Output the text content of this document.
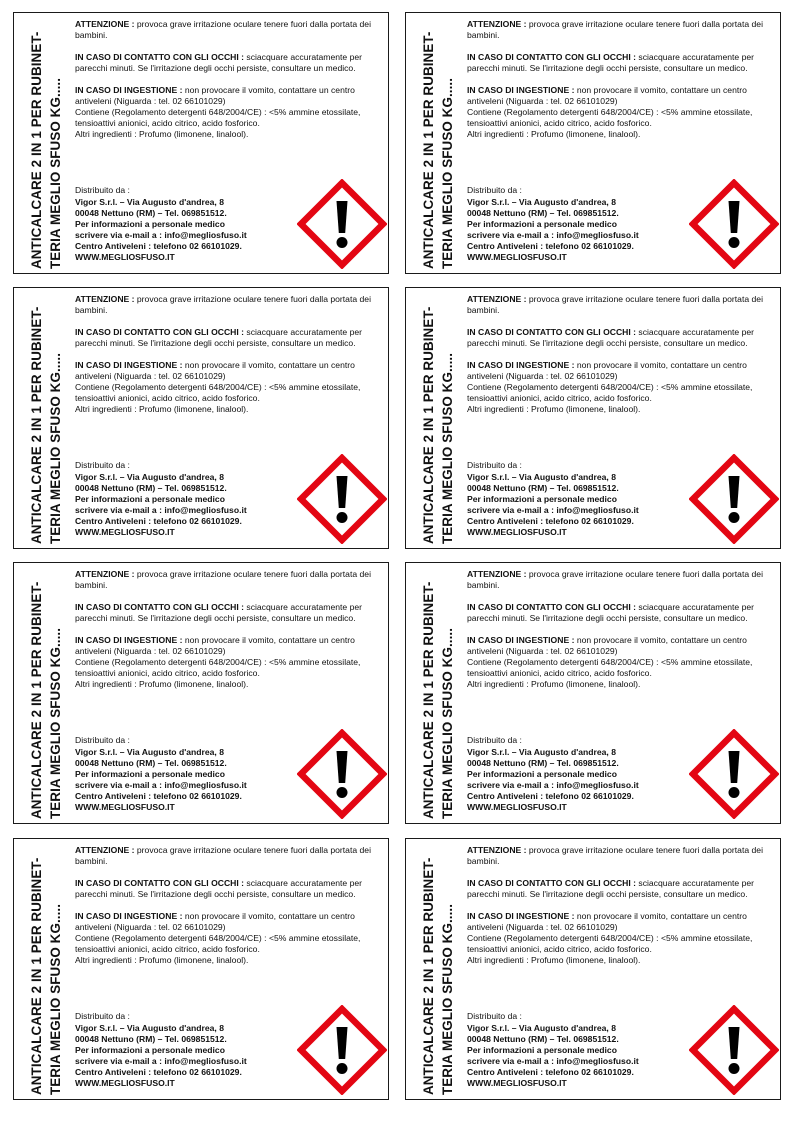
ANTICALCARE 2 IN 1 PER RUBINET- TERIA MEGLIO SFUSO KG.....

ATTENZIONE : provoca grave irritazione oculare tenere fuori dalla portata dei bambini.

IN CASO DI CONTATTO CON GLI OCCHI : sciacquare accuratamente per parecchi minuti. Se l'irritazione degli occhi persiste, consultare un medico.

IN CASO DI INGESTIONE : non provocare il vomito, contattare un centro antiveleni (Niguarda : tel. 02 66101029)

Contiene (Regolamento detergenti 648/2004/CE) : <5% ammine etossilate, tensioattivi anionici, acido citrico, acido fosforico.

Altri ingredienti : Profumo (limonene, linalool).

Distribuito da :
Vigor S.r.l. – Via Augusto d'andrea, 8
00048 Nettuno (RM) – Tel. 069851512.
Per informazioni a personale medico
scrivere via e-mail a : info@megliosfuso.it
Centro Antiveleni : telefono 02 66101029.
WWW.MEGLIOSFUSO.IT	ANTICALCARE 2 IN 1 PER RUBINET- TERIA MEGLIO SFUSO KG.....

ATTENZIONE : provoca grave irritazione oculare tenere fuori dalla portata dei bambini.

IN CASO DI CONTATTO CON GLI OCCHI : sciacquare accuratamente per parecchi minuti. Se l'irritazione degli occhi persiste, consultare un medico.

IN CASO DI INGESTIONE : non provocare il vomito, contattare un centro antiveleni (Niguarda : tel. 02 66101029)

Contiene (Regolamento detergenti 648/2004/CE) : <5% ammine etossilate, tensioattivi anionici, acido citrico, acido fosforico.

Altri ingredienti : Profumo (limonene, linalool).

Distribuito da :
Vigor S.r.l. – Via Augusto d'andrea, 8
00048 Nettuno (RM) – Tel. 069851512.
Per informazioni a personale medico
scrivere via e-mail a : info@megliosfuso.it
Centro Antiveleni : telefono 02 66101029.
WWW.MEGLIOSFUSO.IT
ANTICALCARE 2 IN 1 PER RUBINET- TERIA MEGLIO SFUSO KG.....

ATTENZIONE : provoca grave irritazione oculare tenere fuori dalla portata dei bambini.

IN CASO DI CONTATTO CON GLI OCCHI : sciacquare accuratamente per parecchi minuti. Se l'irritazione degli occhi persiste, consultare un medico.

IN CASO DI INGESTIONE : non provocare il vomito, contattare un centro antiveleni (Niguarda : tel. 02 66101029)

Contiene (Regolamento detergenti 648/2004/CE) : <5% ammine etossilate, tensioattivi anionici, acido citrico, acido fosforico.

Altri ingredienti : Profumo (limonene, linalool).

Distribuito da :
Vigor S.r.l. – Via Augusto d'andrea, 8
00048 Nettuno (RM) – Tel. 069851512.
Per informazioni a personale medico
scrivere via e-mail a : info@megliosfuso.it
Centro Antiveleni : telefono 02 66101029.
WWW.MEGLIOSFUSO.IT	ANTICALCARE 2 IN 1 PER RUBINET- TERIA MEGLIO SFUSO KG.....

ATTENZIONE : provoca grave irritazione oculare tenere fuori dalla portata dei bambini.

IN CASO DI CONTATTO CON GLI OCCHI : sciacquare accuratamente per parecchi minuti. Se l'irritazione degli occhi persiste, consultare un medico.

IN CASO DI INGESTIONE : non provocare il vomito, contattare un centro antiveleni (Niguarda : tel. 02 66101029)

Contiene (Regolamento detergenti 648/2004/CE) : <5% ammine etossilate, tensioattivi anionici, acido citrico, acido fosforico.

Altri ingredienti : Profumo (limonene, linalool).

Distribuito da :
Vigor S.r.l. – Via Augusto d'andrea, 8
00048 Nettuno (RM) – Tel. 069851512.
Per informazioni a personale medico
scrivere via e-mail a : info@megliosfuso.it
Centro Antiveleni : telefono 02 66101029.
WWW.MEGLIOSFUSO.IT
ANTICALCARE 2 IN 1 PER RUBINET- TERIA MEGLIO SFUSO KG.....

ATTENZIONE : provoca grave irritazione oculare tenere fuori dalla portata dei bambini.

IN CASO DI CONTATTO CON GLI OCCHI : sciacquare accuratamente per parecchi minuti. Se l'irritazione degli occhi persiste, consultare un medico.

IN CASO DI INGESTIONE : non provocare il vomito, contattare un centro antiveleni (Niguarda : tel. 02 66101029)

Contiene (Regolamento detergenti 648/2004/CE) : <5% ammine etossilate, tensioattivi anionici, acido citrico, acido fosforico.

Altri ingredienti : Profumo (limonene, linalool).

Distribuito da :
Vigor S.r.l. – Via Augusto d'andrea, 8
00048 Nettuno (RM) – Tel. 069851512.
Per informazioni a personale medico
scrivere via e-mail a : info@megliosfuso.it
Centro Antiveleni : telefono 02 66101029.
WWW.MEGLIOSFUSO.IT	ANTICALCARE 2 IN 1 PER RUBINET- TERIA MEGLIO SFUSO KG.....

ATTENZIONE : provoca grave irritazione oculare tenere fuori dalla portata dei bambini.

IN CASO DI CONTATTO CON GLI OCCHI : sciacquare accuratamente per parecchi minuti. Se l'irritazione degli occhi persiste, consultare un medico.

IN CASO DI INGESTIONE : non provocare il vomito, contattare un centro antiveleni (Niguarda : tel. 02 66101029)

Contiene (Regolamento detergenti 648/2004/CE) : <5% ammine etossilate, tensioattivi anionici, acido citrico, acido fosforico.

Altri ingredienti : Profumo (limonene, linalool).

Distribuito da :
Vigor S.r.l. – Via Augusto d'andrea, 8
00048 Nettuno (RM) – Tel. 069851512.
Per informazioni a personale medico
scrivere via e-mail a : info@megliosfuso.it
Centro Antiveleni : telefono 02 66101029.
WWW.MEGLIOSFUSO.IT
ANTICALCARE 2 IN 1 PER RUBINET- TERIA MEGLIO SFUSO KG.....

ATTENZIONE : provoca grave irritazione oculare tenere fuori dalla portata dei bambini.

IN CASO DI CONTATTO CON GLI OCCHI : sciacquare accuratamente per parecchi minuti. Se l'irritazione degli occhi persiste, consultare un medico.

IN CASO DI INGESTIONE : non provocare il vomito, contattare un centro antiveleni (Niguarda : tel. 02 66101029)

Contiene (Regolamento detergenti 648/2004/CE) : <5% ammine etossilate, tensioattivi anionici, acido citrico, acido fosforico.

Altri ingredienti : Profumo (limonene, linalool).

Distribuito da :
Vigor S.r.l. – Via Augusto d'andrea, 8
00048 Nettuno (RM) – Tel. 069851512.
Per informazioni a personale medico
scrivere via e-mail a : info@megliosfuso.it
Centro Antiveleni : telefono 02 66101029.
WWW.MEGLIOSFUSO.IT	ANTICALCARE 2 IN 1 PER RUBINET- TERIA MEGLIO SFUSO KG.....

ATTENZIONE : provoca grave irritazione oculare tenere fuori dalla portata dei bambini.

IN CASO DI CONTATTO CON GLI OCCHI : sciacquare accuratamente per parecchi minuti. Se l'irritazione degli occhi persiste, consultare un medico.

IN CASO DI INGESTIONE : non provocare il vomito, contattare un centro antiveleni (Niguarda : tel. 02 66101029)

Contiene (Regolamento detergenti 648/2004/CE) : <5% ammine etossilate, tensioattivi anionici, acido citrico, acido fosforico.

Altri ingredienti : Profumo (limonene, linalool).

Distribuito da :
Vigor S.r.l. – Via Augusto d'andrea, 8
00048 Nettuno (RM) – Tel. 069851512.
Per informazioni a personale medico
scrivere via e-mail a : info@megliosfuso.it
Centro Antiveleni : telefono 02 66101029.
WWW.MEGLIOSFUSO.IT
